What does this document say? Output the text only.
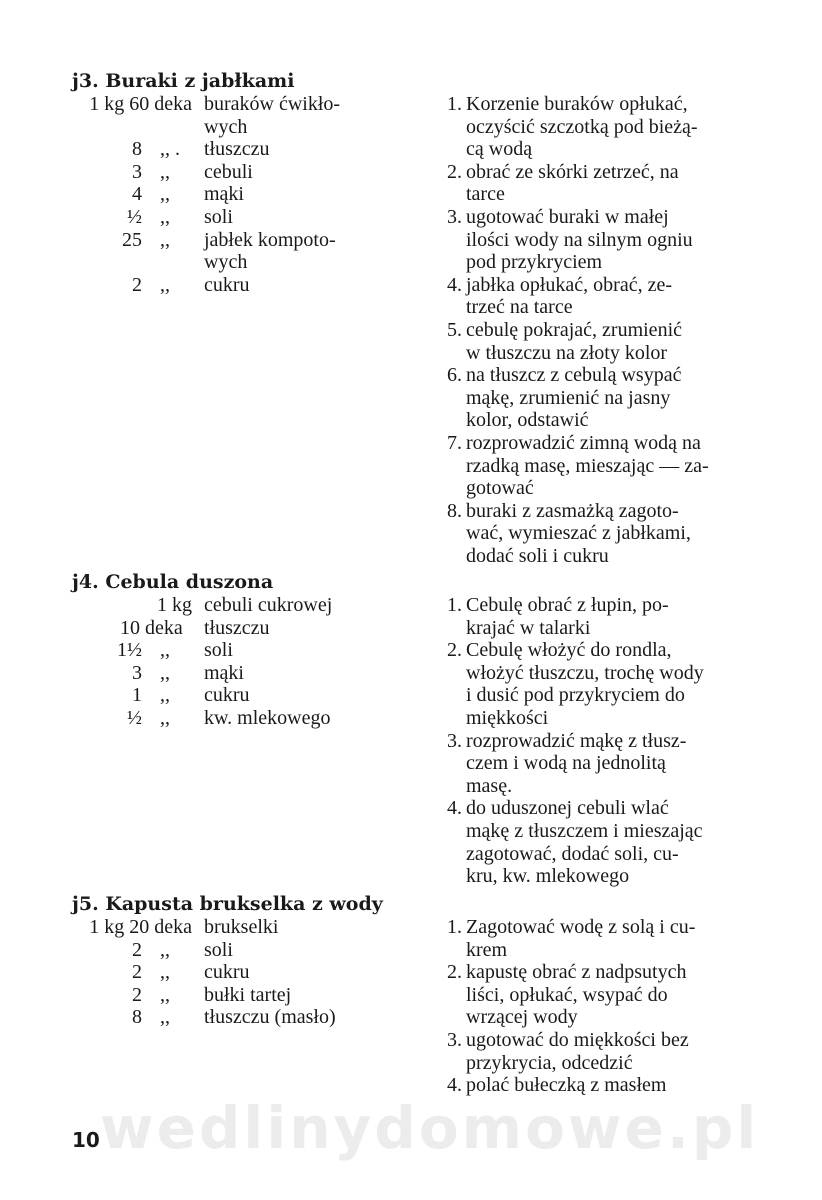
wedlinydomowe.pl
j3. Buraki z jabłkami
1 kg 60 deka buraków ćwikło-
wych
8 ,, . tłuszczu
3 ,, cebuli
4 ,, mąki
½ ,, soli
25 ,, jabłek kompoto-
wych
2 ,, cukru
1. Korzenie buraków opłukać,
oczyścić szczotką pod bieżą-
cą wodą
2. obrać ze skórki zetrzeć, na
tarce
3. ugotować buraki w małej
ilości wody na silnym ogniu
pod przykryciem
4. jabłka opłukać, obrać, ze-
trzeć na tarce
5. cebulę pokrajać, zrumienić
w tłuszczu na złoty kolor
6. na tłuszcz z cebulą wsypać
mąkę, zrumienić na jasny
kolor, odstawić
7. rozprowadzić zimną wodą na
rzadką masę, mieszając — za-
gotować
8. buraki z zasmażką zagoto-
wać, wymieszać z jabłkami,
dodać soli i cukru
j4. Cebula duszona
1 kg cebuli cukrowej
10 deka tłuszczu
1½ ,, soli
3 ,, mąki
1 ,, cukru
½ ,, kw. mlekowego
1. Cebulę obrać z łupin, po-
krajać w talarki
2. Cebulę włożyć do rondla,
włożyć tłuszczu, trochę wody
i dusić pod przykryciem do
miękkości
3. rozprowadzić mąkę z tłusz-
czem i wodą na jednolitą
masę.
4. do uduszonej cebuli wlać
mąkę z tłuszczem i mieszając
zagotować, dodać soli, cu-
kru, kw. mlekowego
j5. Kapusta brukselka z wody
1 kg 20 deka brukselki
2 ,, soli
2 ,, cukru
2 ,, bułki tartej
8 ,, tłuszczu (masło)
1. Zagotować wodę z solą i cu-
krem
2. kapustę obrać z nadpsutych
liści, opłukać, wsypać do
wrzącej wody
3. ugotować do miękkości bez
przykrycia, odcedzić
4. polać bułeczką z masłem
10
